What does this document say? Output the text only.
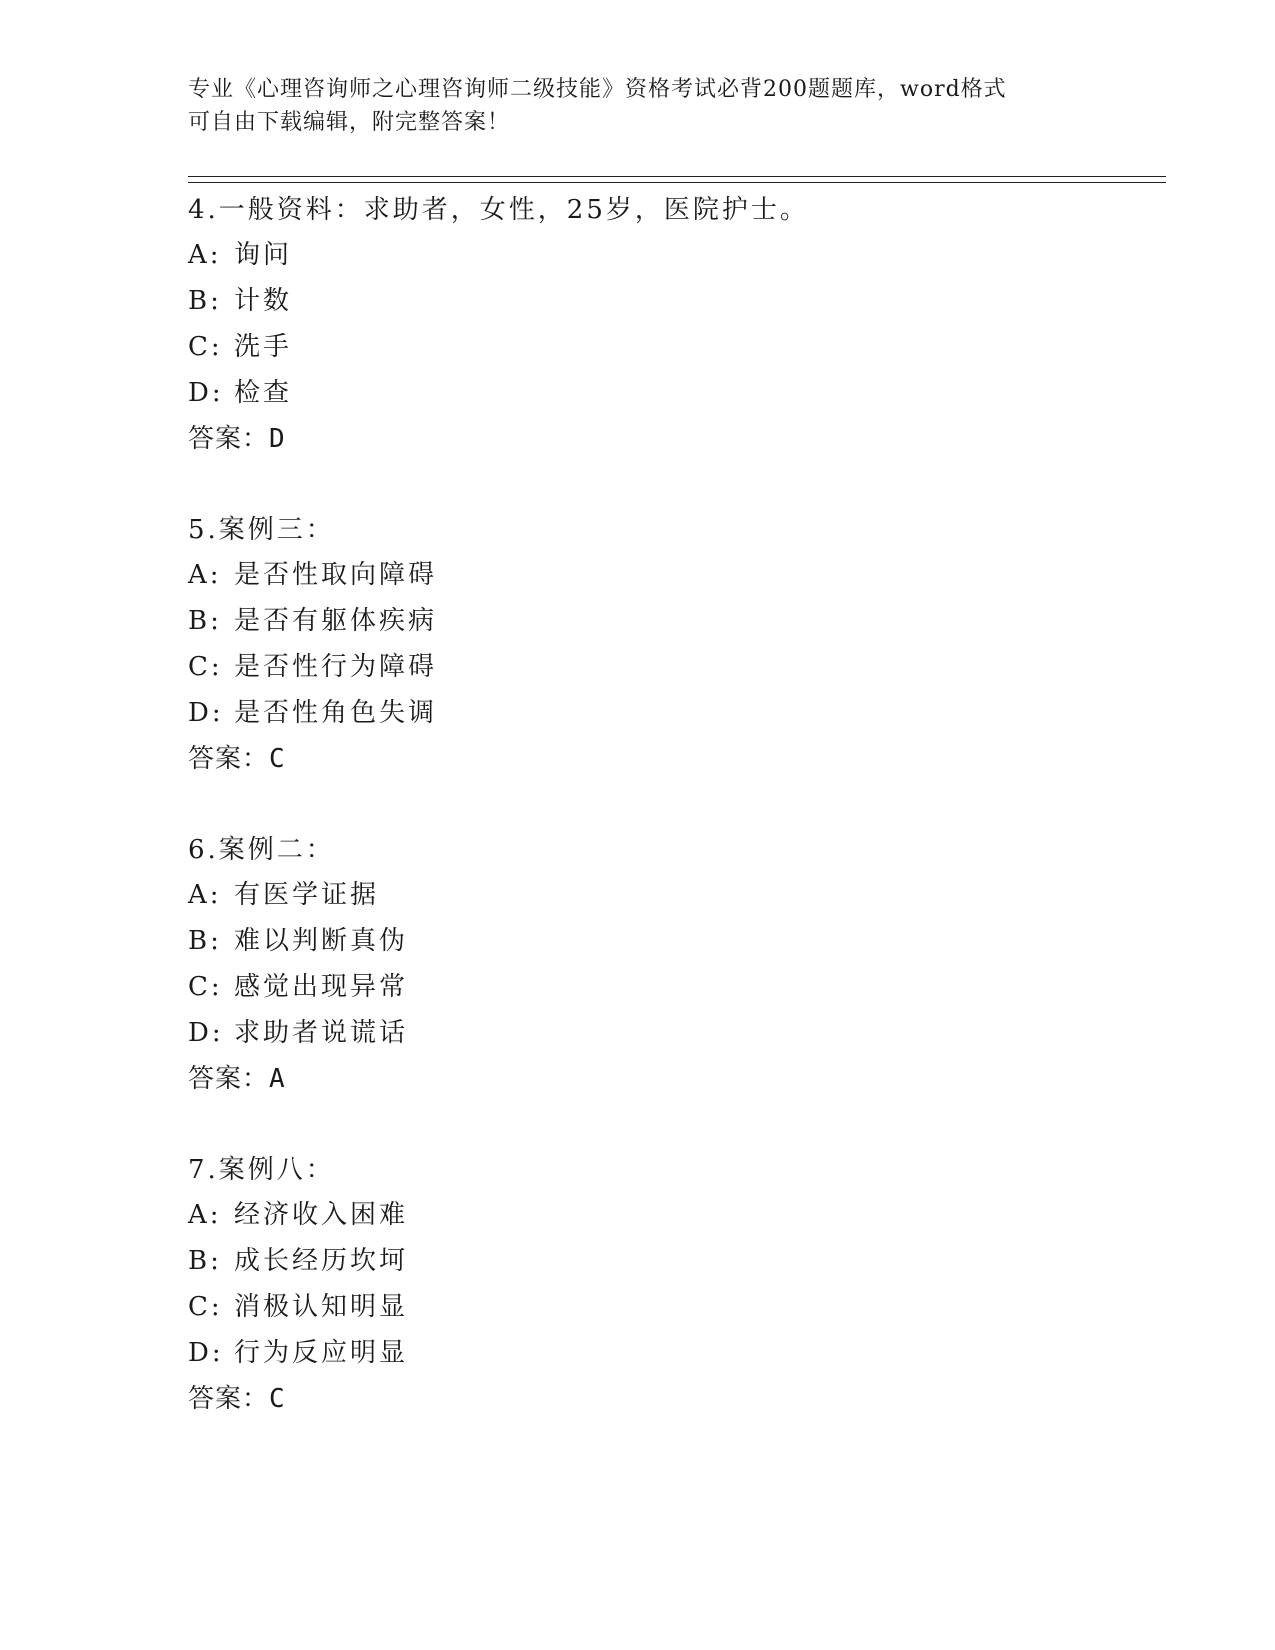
专业《心理咨询师之心理咨询师二级技能》资格考试必背200题题库，word格式
可自由下载编辑，附完整答案！
4.一般资料：求助者，女性，25岁，医院护士。
A: 询问
B: 计数
C: 洗手
D: 检查
答案：D
5.案例三：
A: 是否性取向障碍
B: 是否有躯体疾病
C: 是否性行为障碍
D: 是否性角色失调
答案：C
6.案例二：
A: 有医学证据
B: 难以判断真伪
C: 感觉出现异常
D: 求助者说谎话
答案：A
7.案例八：
A: 经济收入困难
B: 成长经历坎坷
C: 消极认知明显
D: 行为反应明显
答案：C
